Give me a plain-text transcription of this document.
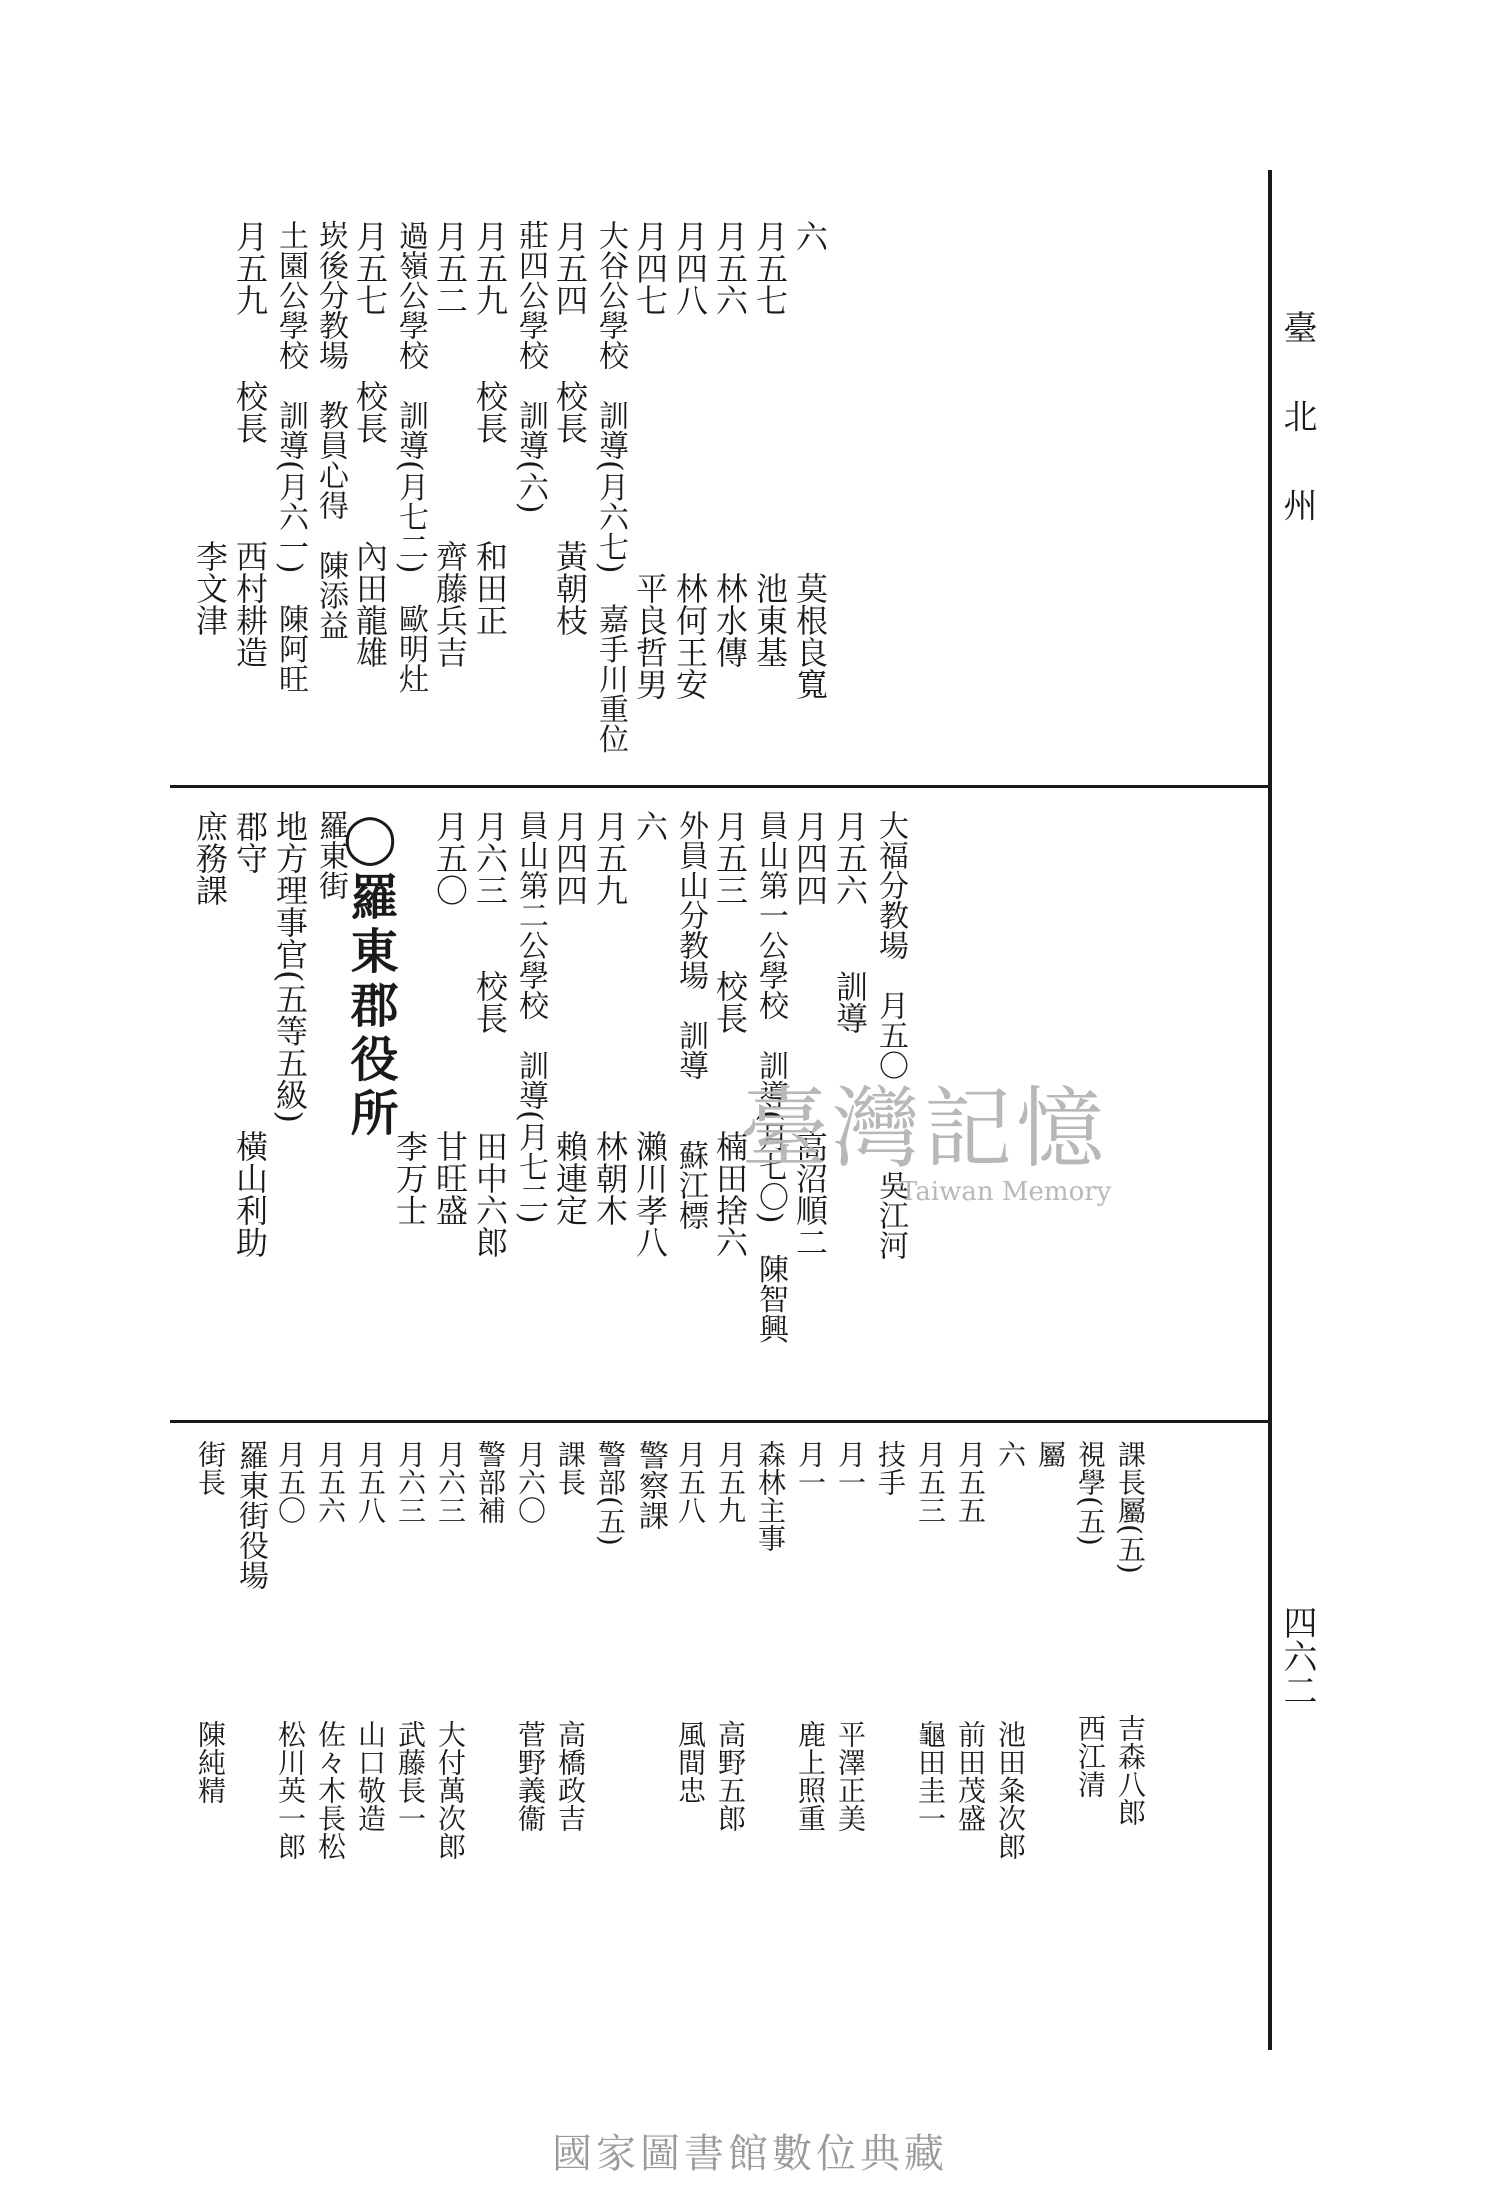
臺 北 州
四六二
六　　　　　　　　　　莫根良寬
月五七　　　　　　　　池東基
月五六　　　　　　　　林水傳
月四八　　　　　　　　林何王安
月四七　　　　　　　　平良哲男
大谷公學校　訓導(月六七)　嘉手川重位
月五四　　校長　　　黃朝枝
莊四公學校　訓導(六)
月五九　　校長　　　和田正
月五二　　　　　　　齊藤兵吉
過嶺公學校　訓導(月七二)　歐明灶
月五七　　校長　　　內田龍雄
崁後分教場　教員心得　陳添益
土園公學校　訓導(月六一)　陳阿旺
月五九　　校長　　　西村耕造
　　　　　　　　　　李文津
大福分教場　月五〇　　　吳江河
月五六　　訓導
月四四　　　　　　　高沼順二
員山第一公學校　訓導(月七〇)　陳智興
月五三　　校長　　　楠田捨六
外員山分教場　訓導　　蘇江標
六　　　　　　　　　瀨川孝八
月五九　　　　　　　林朝木
月四四　　　　　　　賴連定
員山第二公學校　訓導(月七二)
月六三　　校長　　　田中六郎
月五〇　　　　　　　甘旺盛
　　　　　　　　　　李万士
◯羅東郡役所
羅東街
地方理事官(五等五級)
郡守　　　　　　　　橫山利助
庶務課
課長屬(五)　　　　　吉森八郎
視學(五)　　　　　　西江清
屬
六　　　　　　　　　池田粂次郎
月五五　　　　　　　前田茂盛
月五三　　　　　　　龜田圭一
技手
月一　　　　　　　　平澤正美
月一　　　　　　　　鹿上照重
森林主事
月五九　　　　　　　高野五郎
月五八　　　　　　　風間忠
警察課
警部(五)
課長　　　　　　　　高橋政吉
月六〇　　　　　　　菅野義衞
警部補
月六三　　　　　　　大付萬次郎
月六三　　　　　　　武藤長一
月五八　　　　　　　山口敬造
月五六　　　　　　　佐々木長松
月五〇　　　　　　　松川英一郎
羅東街役場
街長　　　　　　　　陳純精
臺灣記憶
Taiwan Memory
國家圖書館數位典藏
